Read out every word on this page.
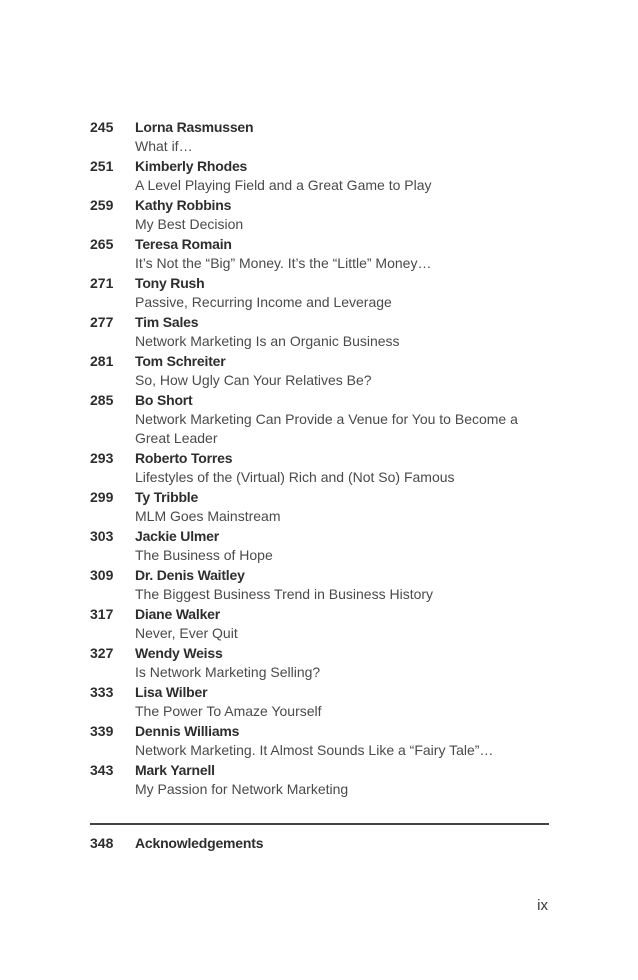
245	Lorna Rasmussen
What if…
251	Kimberly Rhodes
A Level Playing Field and a Great Game to Play
259	Kathy Robbins
My Best Decision
265	Teresa Romain
It’s Not the “Big” Money. It’s the “Little” Money…
271	Tony Rush
Passive, Recurring Income and Leverage
277	Tim Sales
Network Marketing Is an Organic Business
281	Tom Schreiter
So, How Ugly Can Your Relatives Be?
285	Bo Short
Network Marketing Can Provide a Venue for You to Become a Great Leader
293	Roberto Torres
Lifestyles of the (Virtual) Rich and (Not So) Famous
299	Ty Tribble
MLM Goes Mainstream
303	Jackie Ulmer
The Business of Hope
309	Dr. Denis Waitley
The Biggest Business Trend in Business History
317	Diane Walker
Never, Ever Quit
327	Wendy Weiss
Is Network Marketing Selling?
333	Lisa Wilber
The Power To Amaze Yourself
339	Dennis Williams
Network Marketing. It Almost Sounds Like a “Fairy Tale”…
343	Mark Yarnell
My Passion for Network Marketing
348	Acknowledgements
ix
